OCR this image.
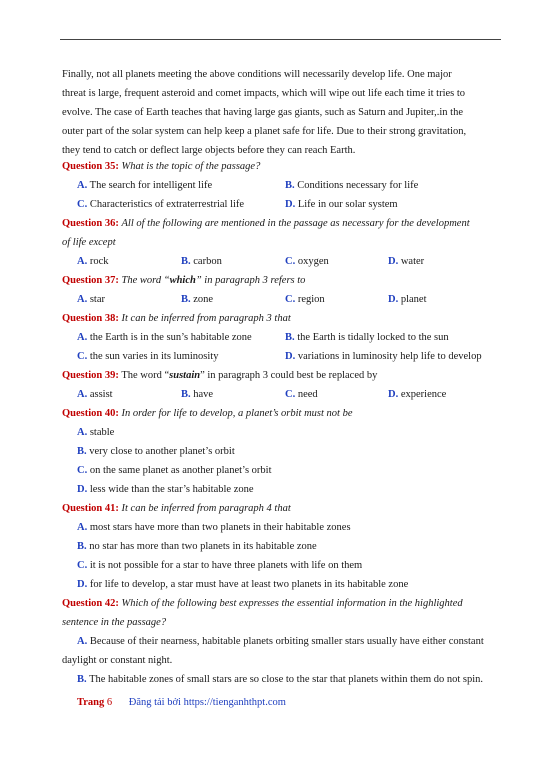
Finally, not all planets meeting the above conditions will necessarily develop life. One major
threat is large, frequent asteroid and comet impacts, which will wipe out life each time it tries to
evolve. The case of Earth teaches that having large gas giants, such as Saturn and Jupiter,.in the
outer part of the solar system can help keep a planet safe for life. Due to their strong gravitation,
they tend to catch or deflect large objects before they can reach Earth.
Question 35: What is the topic of the passage?
A. The search for intelligent life	B. Conditions necessary for life
C. Characteristics of extraterrestrial life	D. Life in our solar system
Question 36: All of the following are mentioned in the passage as necessary for the development
of life except
A. rock	B. carbon	C. oxygen	D. water
Question 37: The word “which” in paragraph 3 refers to
A. star	B. zone	C. region	D. planet
Question 38: It can be inferred from paragraph 3 that
A. the Earth is in the sun’s habitable zone	B. the Earth is tidally locked to the sun
C. the sun varies in its luminosity	D. variations in luminosity help life to develop
Question 39: The word “sustain” in paragraph 3 could best be replaced by
A. assist	B. have	C. need	D. experience
Question 40: In order for life to develop, a planet’s orbit must not be
A. stable
B. very close to another planet’s orbit
C. on the same planet as another planet’s orbit
D. less wide than the star’s habitable zone
Question 41: It can be inferred from paragraph 4 that
A. most stars have more than two planets in their habitable zones
B. no star has more than two planets in its habitable zone
C. it is not possible for a star to have three planets with life on them
D. for life to develop, a star must have at least two planets in its habitable zone
Question 42: Which of the following best expresses the essential information in the highlighted
sentence in the passage?
A. Because of their nearness, habitable planets orbiting smaller stars usually have either constant
daylight or constant night.
B. The habitable zones of small stars are so close to the star that planets within them do not spin.
Trang 6 Đăng tải bởi https://tienganhthpt.com
